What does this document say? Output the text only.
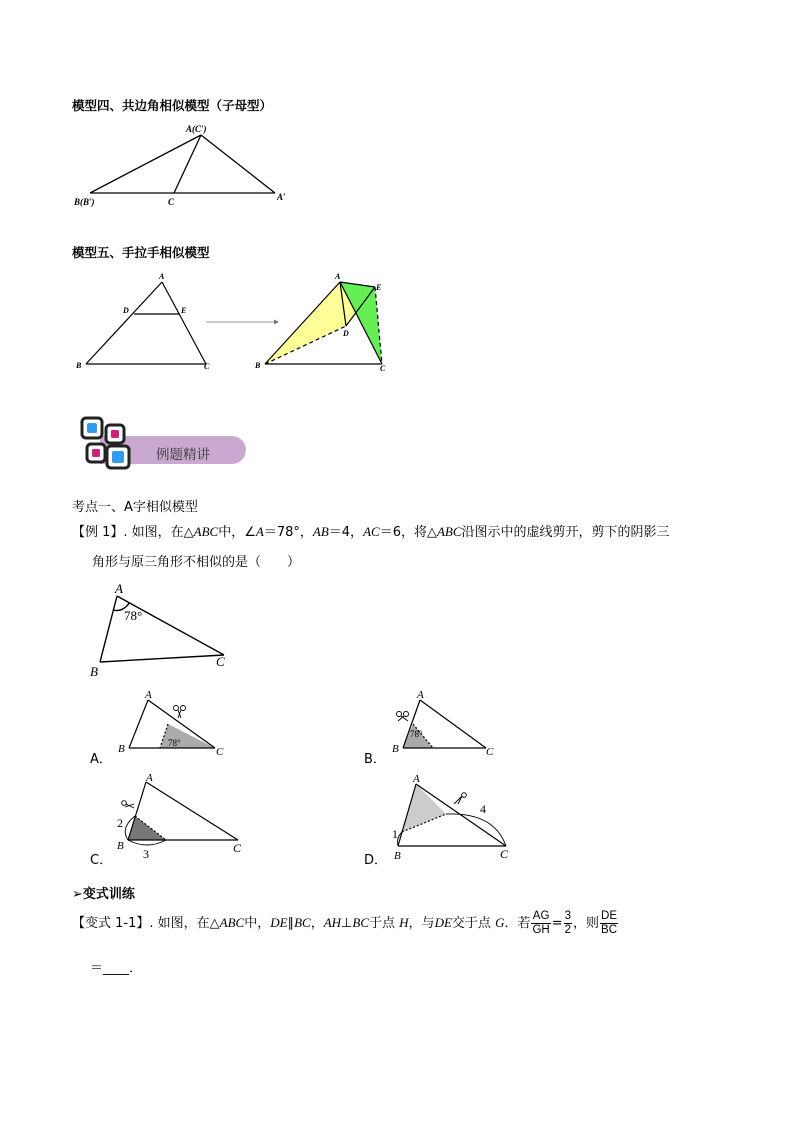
模型四、共边角相似模型（子母型）
A(C′)
B(B′)	C	A′
模型五、手拉手相似模型
A
D	E
B	C
A
D
E
B	C
例题精讲
考点一、A字相似模型
【例 1】. 如图，在△ABC中，∠A＝78°，AB＝4，AC＝6，将△ABC沿图示中的虚线剪开，剪下的阴影三
角形与原三角形不相似的是（　　）
A
78°
B
C
A．
A
78°
B	C	B．
A
78°
B	C
C．
A
2
3
B	C
D．
A
1
4
B	C
➢变式训练
【变式 1-1】. 如图，在△ABC中，DE∥BC，AH⊥BC于点 H，与DE交于点 G．若 $\frac{AG}{GH} = \frac{3}{2}$ ，则 $\frac{DE}{BC}$
＝____．
